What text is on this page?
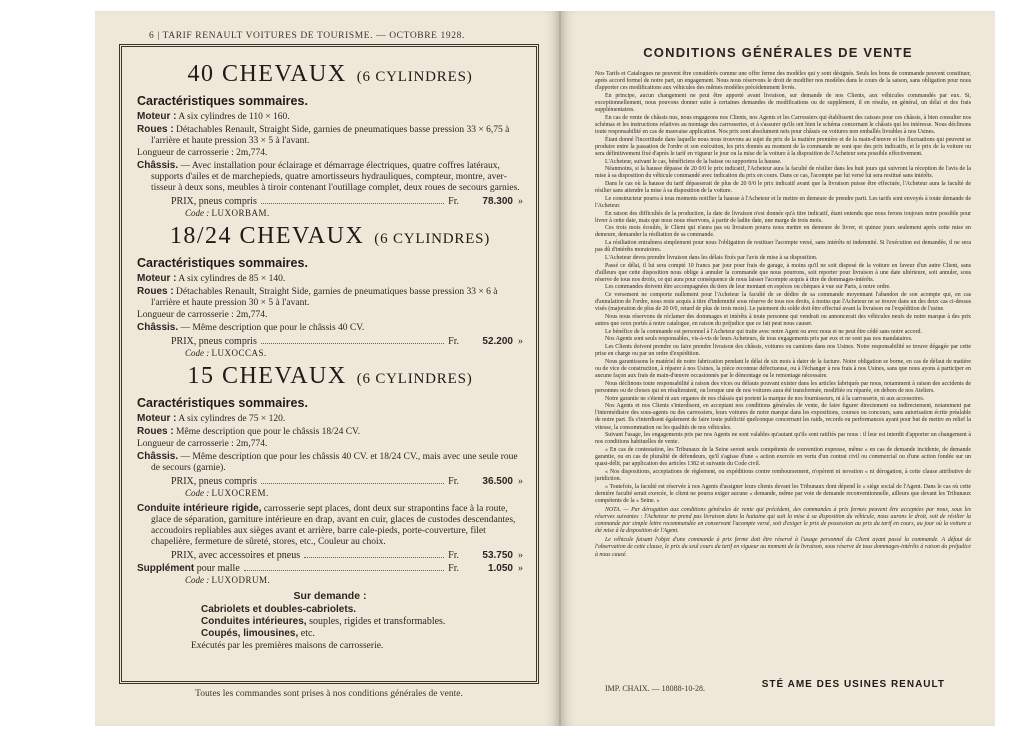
6 | TARIF RENAULT VOITURES DE TOURISME. — OCTOBRE 1928.
40 CHEVAUX (6 CYLINDRES)
Caractéristiques sommaires.
Moteur : A six cylindres de 110 × 160.
Roues : Détachables Renault, Straight Side, garnies de pneumatiques basse pression 33 × 6,75 à l'arrière et haute pression 33 × 5 à l'avant.
Longueur de carrosserie : 2m,774.
Châssis. — Avec installation pour éclairage et démarrage électriques, quatre coffres latéraux, supports d'ailes et de marchepieds, quatre amortisseurs hydrauliques, compteur, montre, avertisseur à deux sons, meubles à tiroir contenant l'outillage complet, deux roues de secours garnies.
PRIX, pneus compris	Fr.	78.300 »
Code : LUXORBAM.
18/24 CHEVAUX (6 CYLINDRES)
Caractéristiques sommaires.
Moteur : A six cylindres de 85 × 140.
Roues : Détachables Renault, Straight Side, garnies de pneumatiques basse pression 33 × 6 à l'arrière et haute pression 30 × 5 à l'avant.
Longueur de carrosserie : 2m,774.
Châssis. — Même description que pour le châssis 40 CV.
PRIX, pneus compris	Fr.	52.200 »
Code : LUXOCCAS.
15 CHEVAUX (6 CYLINDRES)
Caractéristiques sommaires.
Moteur : A six cylindres de 75 × 120.
Roues : Même description que pour le châssis 18/24 CV.
Longueur de carrosserie : 2m,774.
Châssis. — Même description que pour les châssis 40 CV. et 18/24 CV., mais avec une seule roue de secours (garnie).
PRIX, pneus compris	Fr.	36.500 »
Code : LUXOCREM.
Conduite intérieure rigide, carrosserie sept places, dont deux sur strapontins face à la route, glace de séparation, garniture intérieure en drap, avant en cuir, glaces de custodes descendantes, accoudoirs repliables aux sièges avant et arrière, barre cale-pieds, porte-couverture, filet chapelière, fermeture de sûreté, stores, etc., Couleur au choix.
PRIX, avec accessoires et pneus	Fr.	53.750 »
Supplément pour malle	Fr.	1.050 »
Code : LUXODRUM.
Sur demande :
Cabriolets et doubles-cabriolets.
Conduites intérieures, souples, rigides et transformables.
Coupés, limousines, etc.
Exécutés par les premières maisons de carrosserie.
Toutes les commandes sont prises à nos conditions générales de vente.
CONDITIONS GÉNÉRALES DE VENTE

Nos Tarifs et Catalogues ne peuvent être considérés comme une offre ferme des modèles qui y sont désignés. Seuls les bons de commande peuvent constituer, après accord formel de notre part, un engagement. Nous nous réservons le droit de modifier nos modèles dans le cours de la saison, sans obligation pour nous d'apporter ces modifications aux véhicules des mêmes modèles précédemment livrés.

En principe, aucun changement ne peut être apporté avant livraison, sur demande de nos Clients, aux véhicules commandés par eux. Si, exceptionnellement, nous pouvons donner suite à certaines demandes de modifications ou de supplément, il en résulte, en général, un délai et des frais supplémentaires.

En cas de vente de châssis nus, nous engageons nos Clients, nos Agents et les Carrossiers qui établissent des caisses pour ces châssis, à bien consulter nos schémas et les instructions relatives au montage des carrosseries, et à s'assurer qu'ils ont bien le schéma concernant le châssis qui les intéresse. Nous déclinons toute responsabilité en cas de mauvaise application. Nos prix sont absolument nets pour châssis ou voitures non emballés livrables à nos Usines.

Étant donné l'incertitude dans laquelle nous nous trouvons au sujet du prix de la matière première et de la main-d'œuvre et les fluctuations qui peuvent se produire entre la passation de l'ordre et son exécution, les prix donnés au moment de la commande ne sont que des prix indicatifs, et le prix de la voiture ou sera définitivement fixé d'après le tarif en vigueur le jour ou la mise de la voiture à la disposition de l'Acheteur sera possible effectivement.

L'Acheteur, suivant le cas, bénéficiera de la baisse ou supportera la hausse.

Néanmoins, si la hausse dépasse de 20 0/0 le prix indicatif, l'Acheteur aura la faculté de résilier dans les huit jours qui suivront la réception de l'avis de la mise à sa disposition du véhicule commandé avec indication du prix en cours. Dans ce cas, l'acompte par lui versé lui sera restitué sans intérêts.

Dans le cas où la hausse du tarif dépasserait de plus de 20 0/0 le prix indicatif avant que la livraison puisse être effectuée, l'Acheteur aura la faculté de résilier sans attendre la mise à sa disposition de la voiture.

Le constructeur pourra à tous moments notifier la hausse à l'Acheteur et le mettre en demeure de prendre parti. Les tarifs sont envoyés à toute demande de l'Acheteur.

En raison des difficultés de la production, la date de livraison n'est donnée qu'à titre indicatif, étant entendu que nous ferons toujours notre possible pour livrer à cette date, mais que nous nous réservons, à partir de ladite date, une marge de trois mois.

Ces trois mois écoulés, le Client qui n'aura pas eu livraison pourra nous mettre en demeure de livrer, et quinze jours seulement après cette mise en demeure, demander la résiliation de sa commande.

La résiliation entraînera simplement pour nous l'obligation de restituer l'acompte versé, sans intérêts ni indemnité. Si l'exécution est demandée, il ne sera pas dû d'intérêts moratoires.

L'Acheteur devra prendre livraison dans les délais fixés par l'avis de mise à sa disposition.

Passé ce délai, il lui sera compté 10 francs par jour pour frais de garage, à moins qu'il ne soit disposé de la voiture en faveur d'un autre Client, sans d'ailleurs que cette disposition nous oblige à annuler la commande que nous pourrons, soit reporter pour livraison à une date ultérieure, soit annuler, sous réserve de tous nos droits, ce qui aura pour conséquence de nous laisser l'acompte acquis à titre de dommages-intérêts.

Les commandes doivent être accompagnées du tiers de leur montant en espèces ou chèques à vue sur Paris, à notre ordre.

Ce versement ne comporte nullement pour l'Acheteur la faculté de se dédire de sa commande moyennant l'abandon de son acompte qui, en cas d'annulation de l'ordre, nous reste acquis à titre d'indemnité sous réserve de tous nos droits, à moins que l'Acheteur ne se trouve dans un des deux cas ci-dessus visés (majoration de plus de 20 0/0, retard de plus de trois mois). Le paiement du solde doit être effectué avant la livraison ou l'expédition de l'usine.

Nous nous réservons de réclamer des dommages et intérêts à toute personne qui vendrait ou annoncerait des véhicules neufs de notre marque à des prix autres que ceux portés à notre catalogue, en raison du préjudice que ce fait peut nous causer.

Le bénéfice de la commande est personnel à l'Acheteur qui traite avec notre Agent ou avec nous et ne peut être cédé sans notre accord.

Nos Agents sont seuls responsables, vis-à-vis de leurs Acheteurs, de tous engagements pris par eux et ne sont pas nos mandataires.

Les Clients doivent prendre ou faire prendre livraison des châssis, voitures ou camions dans nos Usines. Notre responsabilité se trouve dégagée par cette prise en charge ou par un ordre d'expédition.

Nous garantissons le matériel de notre fabrication pendant le délai de six mois à dater de la facture. Notre obligation se borne, en cas de défaut de matière ou de vice de construction, à réparer à nos Usines, la pièce reconnue défectueuse, ou à l'échanger à nos frais à nos Usines, sans que nous ayons à participer en aucune façon aux frais de main-d'œuvre occasionnés par le démontage ou le remontage nécessaire.

Nous déclinons toute responsabilité à raison des vices ou défauts pouvant exister dans les articles fabriqués par nous, notamment à raison des accidents de personnes ou de choses qui en résulteraient, ou lorsque une de nos voitures aura été transformée, modifiée ou réparée, en dehors de nos Ateliers.

Notre garantie ne s'étend ni aux organes de nos châssis qui portent la marque de nos fournisseurs, ni à la carrosserie, ni aux accessoires.

Nos Agents et nos Clients s'interdisent, en acceptant nos conditions générales de vente, de faire figurer directement ou indirectement, notamment par l'intermédiaire des sous-agents ou des carrossiers, leurs voitures de notre marque dans les expositions, courses ou concours, sans autorisation écrite préalable de notre part. Ils s'interdisent également de faire toute publicité quelconque concernant les raids, records ou performances ayant pour but de mettre en relief la vitesse, la consommation ou les qualités de nos véhicules.

Suivant l'usage, les engagements pris par nos Agents ne sont valables qu'autant qu'ils sont ratifiés par nous : il leur est interdit d'apporter un changement à nos conditions habituelles de vente.

« En cas de contestation, les Tribunaux de la Seine seront seuls compétents de convention expresse, même « en cas de demande incidente, de demande garantie, ou en cas de pluralité de défendeurs, qu'il s'agisse d'une « action exercée en vertu d'un contrat civil ou commercial ou d'une action fondée sur un quasi-délit, par application des articles 1382 et suivants du Code civil.

« Nos dispositions, acceptations de règlement, ou expéditions contre remboursement, n'opèrent ni novation « ni dérogation, à cette clause attributive de juridiction.

« Toutefois, la faculté est réservée à nos Agents d'assigner leurs clients devant les Tribunaux dont dépend le « siège social de l'Agent. Dans le cas où cette dernière faculté serait exercée, le client ne pourra exiger aucune « demande, même par voie de demande reconventionnelle, ailleurs que devant les Tribunaux compétents de la « Seine. »

NOTA. — Par dérogation aux conditions générales de vente qui précèdent, des commandes à prix fermes peuvent être acceptées par nous, sous les réserves suivantes : l'Acheteur ne prend pas livraison dans la huitaine qui suit la mise à sa disposition du véhicule, nous aurons le droit, soit de résilier la commande par simple lettre recommandée en conservant l'acompte versé, soit d'exiger le prix de possession au prix du tarif en cours, au jour où la voiture a été mise à la disposition de l'Agent.

Le véhicule faisant l'objet d'une commande à prix ferme doit être réservé à l'usage personnel du Client ayant passé la commande. A défaut de l'observation de cette clause, le prix du seul cours du tarif en vigueur au moment de la livraison, sous réserve de tous dommages-intérêts à raison du préjudice à nous causé.

IMP. CHAIX. — 18088-10-28.	STÉ AME DES USINES RENAULT
